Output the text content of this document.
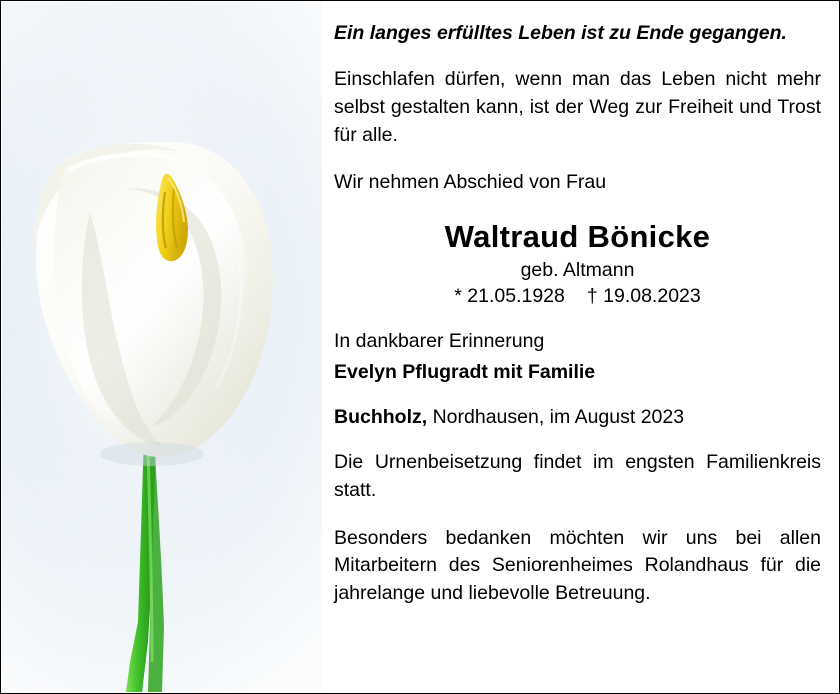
Ein langes erfülltes Leben ist zu Ende gegangen.
Einschlafen dürfen, wenn man das Leben nicht mehr selbst gestalten kann, ist der Weg zur Freiheit und Trost für alle.
Wir nehmen Abschied von Frau
Waltraud Bönicke
geb. Altmann
* 21.05.1928 † 19.08.2023
In dankbarer Erinnerung
Evelyn Pflugradt mit Familie
Buchholz, Nordhausen, im August 2023
Die Urnenbeisetzung findet im engsten Familienkreis statt.
Besonders bedanken möchten wir uns bei allen Mitarbeitern des Seniorenheimes Rolandhaus für die jahrelange und liebevolle Betreuung.
